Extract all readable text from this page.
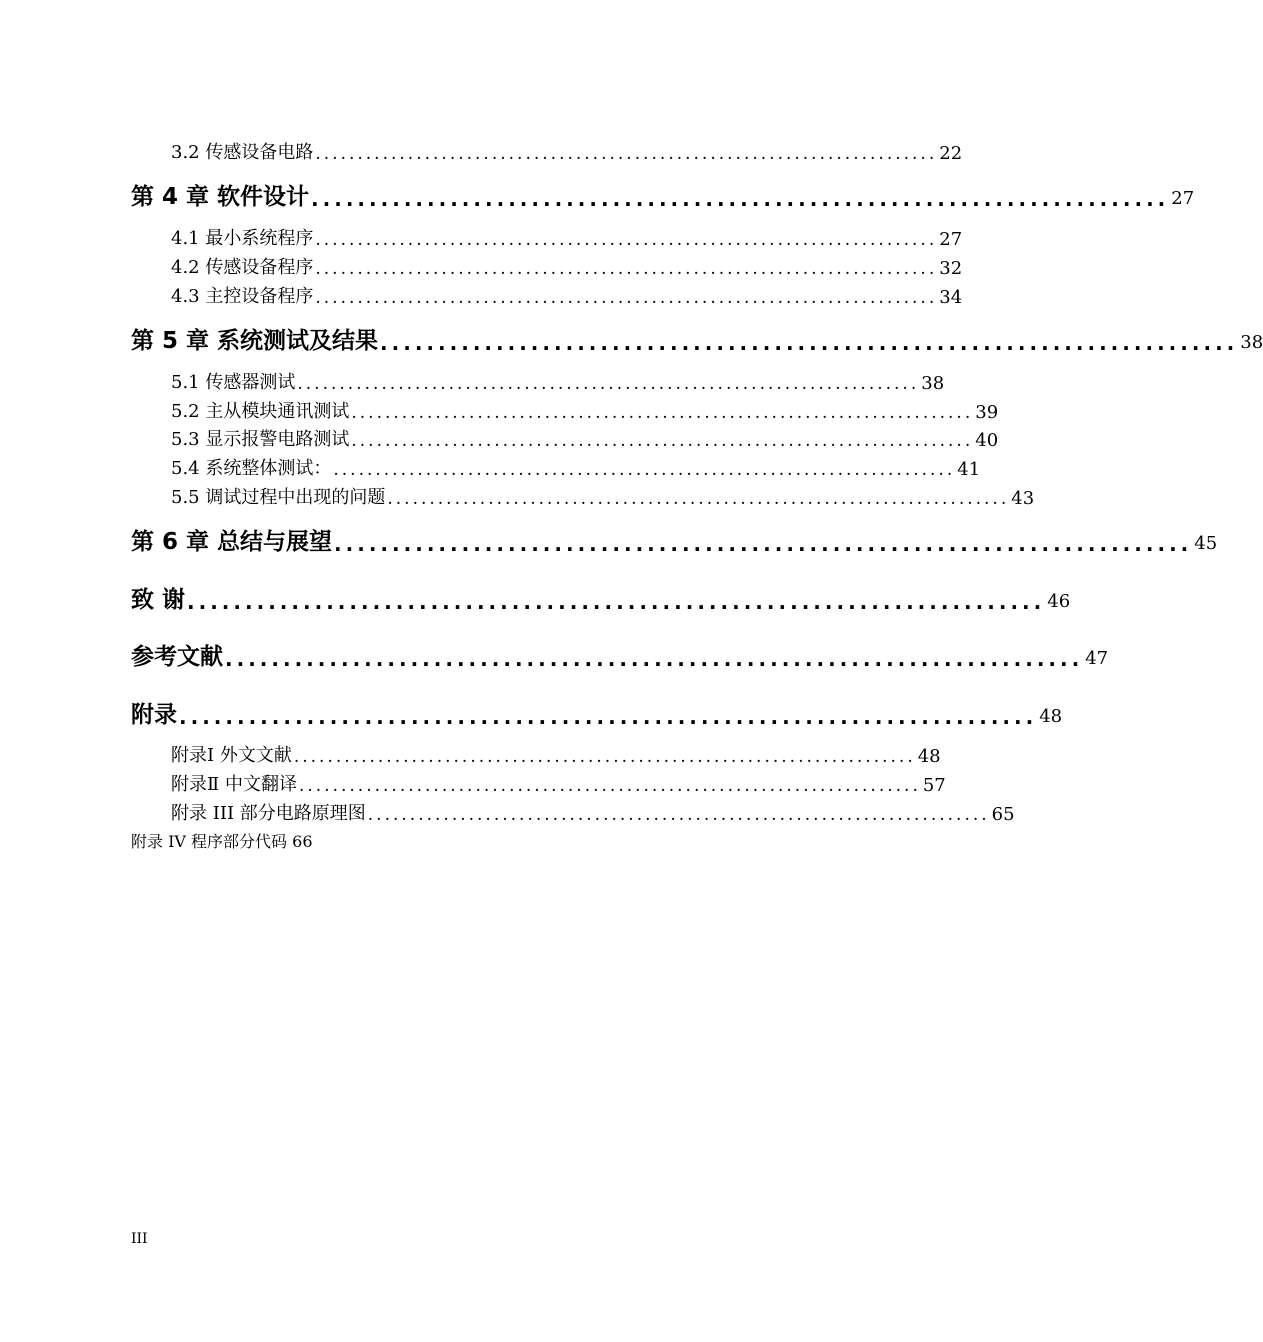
3.2 传感设备电路 .......................................................................... 22
第 4 章 软件设计 .......................................................................... 27
4.1 最小系统程序 .......................................................................... 27
4.2 传感设备程序 .......................................................................... 32
4.3 主控设备程序 .......................................................................... 34
第 5 章 系统测试及结果 .......................................................................... 38
5.1 传感器测试 .......................................................................... 38
5.2 主从模块通讯测试 .......................................................................... 39
5.3 显示报警电路测试 .......................................................................... 40
5.4 系统整体测试： .......................................................................... 41
5.5 调试过程中出现的问题 .......................................................................... 43
第 6 章 总结与展望 .......................................................................... 45
致 谢 .......................................................................... 46
参考文献 .......................................................................... 47
附录 .......................................................................... 48
附录Ⅰ 外文文献 .......................................................................... 48
附录Ⅱ 中文翻译 .......................................................................... 57
附录 III 部分电路原理图 .......................................................................... 65
附录 IV 程序部分代码 66
III
